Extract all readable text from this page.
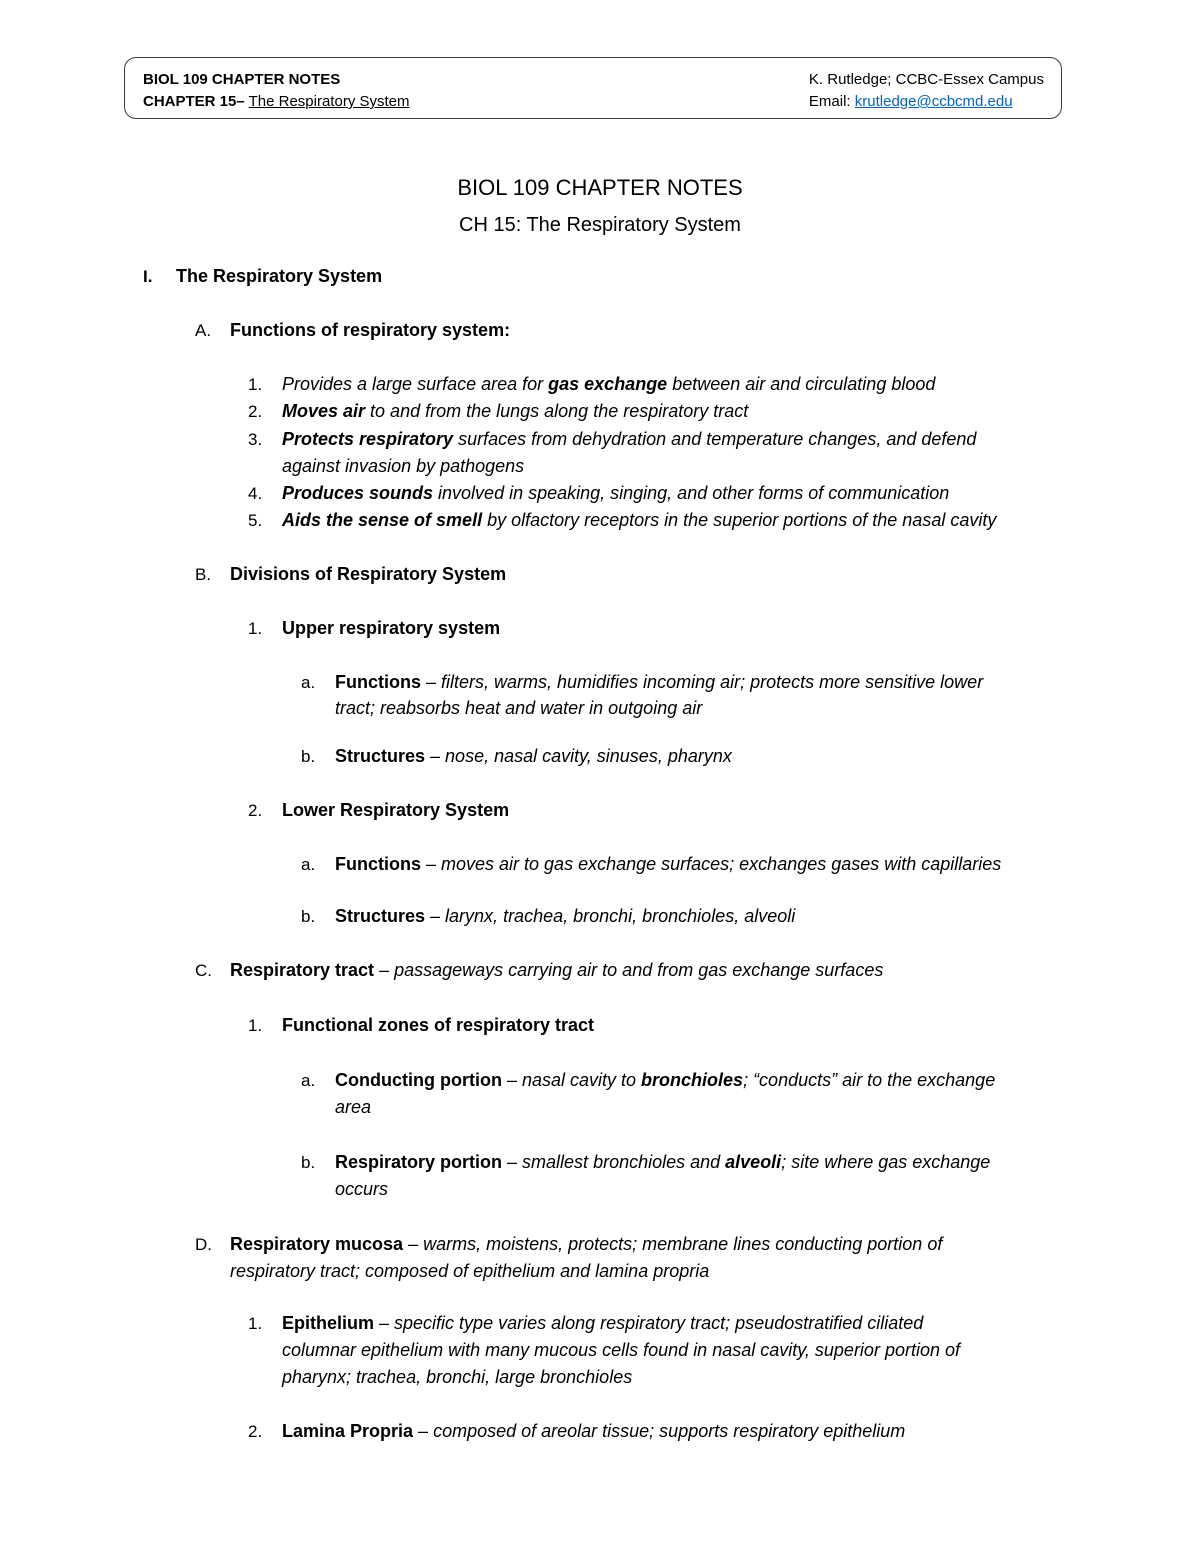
BIOL 109 CHAPTER NOTES
CHAPTER 15– The Respiratory System
K. Rutledge; CCBC-Essex Campus
Email: krutledge@ccbcmd.edu
BIOL 109 CHAPTER NOTES
CH 15: The Respiratory System
I. The Respiratory System
A. Functions of respiratory system:
1. Provides a large surface area for gas exchange between air and circulating blood
2. Moves air to and from the lungs along the respiratory tract
3. Protects respiratory surfaces from dehydration and temperature changes, and defend
against invasion by pathogens
4. Produces sounds involved in speaking, singing, and other forms of communication
5. Aids the sense of smell by olfactory receptors in the superior portions of the nasal cavity
B. Divisions of Respiratory System
1. Upper respiratory system
a. Functions – filters, warms, humidifies incoming air; protects more sensitive lower
tract; reabsorbs heat and water in outgoing air
b. Structures – nose, nasal cavity, sinuses, pharynx
2. Lower Respiratory System
a. Functions – moves air to gas exchange surfaces; exchanges gases with capillaries
b. Structures – larynx, trachea, bronchi, bronchioles, alveoli
C. Respiratory tract – passageways carrying air to and from gas exchange surfaces
1. Functional zones of respiratory tract
a. Conducting portion – nasal cavity to bronchioles; “conducts” air to the exchange
area
b. Respiratory portion – smallest bronchioles and alveoli; site where gas exchange
occurs
D. Respiratory mucosa – warms, moistens, protects; membrane lines conducting portion of
respiratory tract; composed of epithelium and lamina propria
1. Epithelium – specific type varies along respiratory tract; pseudostratified ciliated
columnar epithelium with many mucous cells found in nasal cavity, superior portion of
pharynx; trachea, bronchi, large bronchioles
2. Lamina Propria – composed of areolar tissue; supports respiratory epithelium
